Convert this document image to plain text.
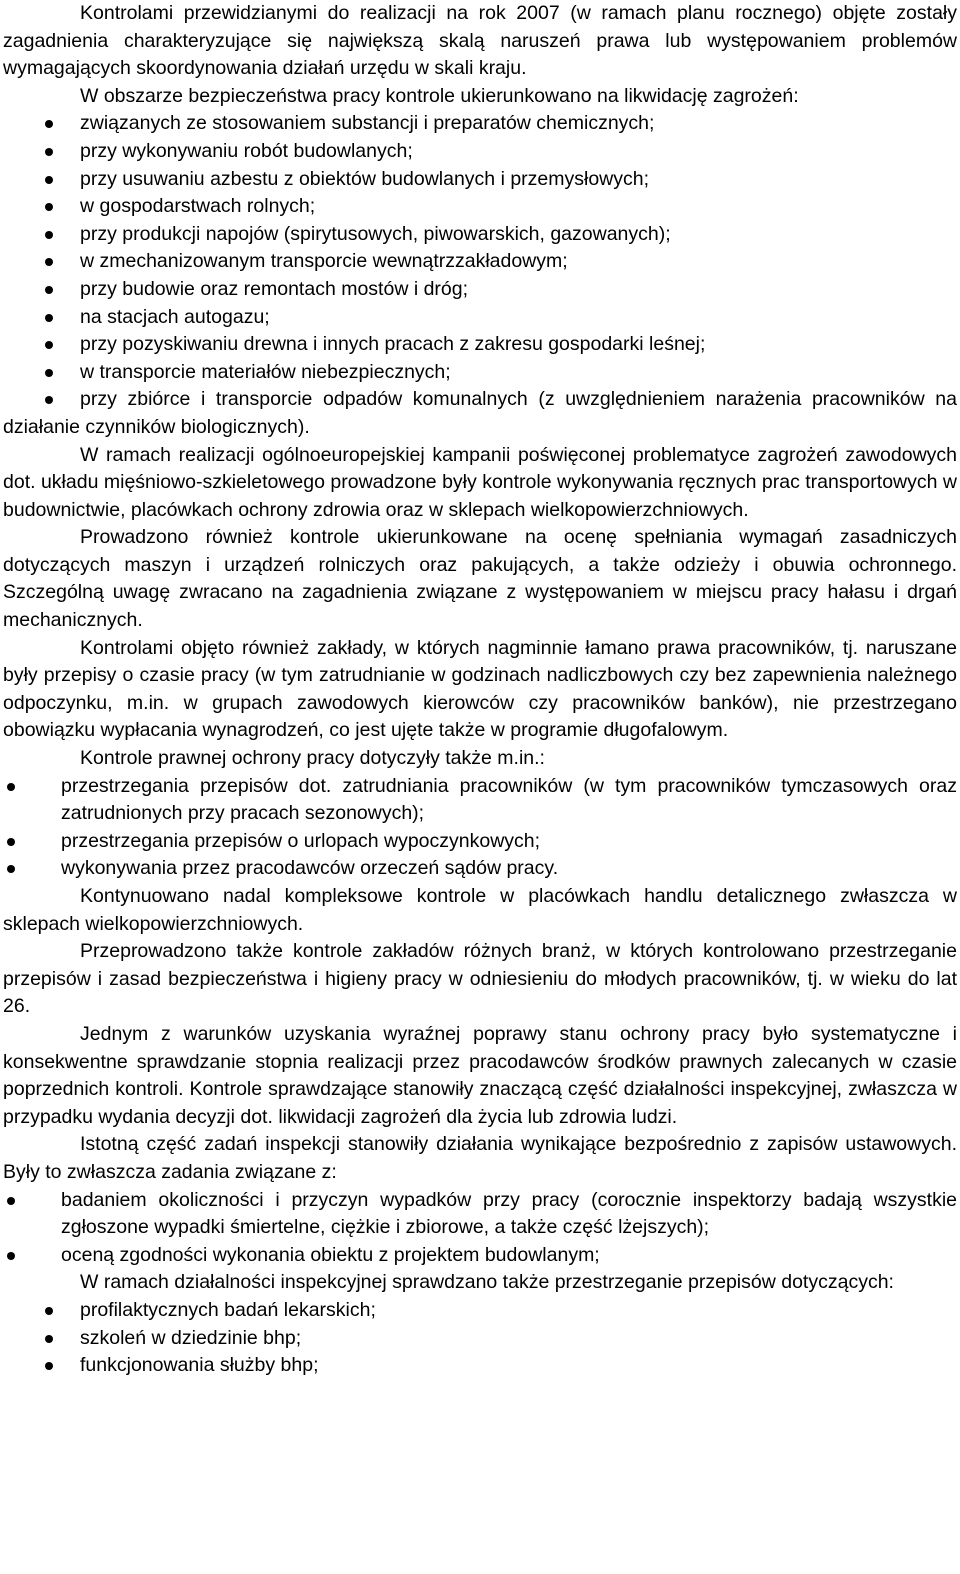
Kontrolami przewidzianymi do realizacji na rok 2007 (w ramach planu rocznego) objęte zostały zagadnienia charakteryzujące się największą skalą naruszeń prawa lub występowaniem problemów wymagających skoordynowania działań urzędu w skali kraju.

W obszarze bezpieczeństwa pracy kontrole ukierunkowano na likwidację zagrożeń:

związanych ze stosowaniem substancji i preparatów chemicznych;
przy wykonywaniu robót budowlanych;
przy usuwaniu azbestu z obiektów budowlanych i przemysłowych;
w gospodarstwach rolnych;
przy produkcji napojów (spirytusowych, piwowarskich, gazowanych);
w zmechanizowanym transporcie wewnątrzzakładowym;
przy budowie oraz remontach mostów i dróg;
na stacjach autogazu;
przy pozyskiwaniu drewna i innych pracach z zakresu gospodarki leśnej;
w transporcie materiałów niebezpiecznych;
przy zbiórce i transporcie odpadów komunalnych (z uwzględnieniem narażenia pracowników na działanie czynników biologicznych).

W ramach realizacji ogólnoeuropejskiej kampanii poświęconej problematyce zagrożeń zawodowych dot. układu mięśniowo-szkieletowego prowadzone były kontrole wykonywania ręcznych prac transportowych w budownictwie, placówkach ochrony zdrowia oraz w sklepach wielkopowierzchniowych.

Prowadzono również kontrole ukierunkowane na ocenę spełniania wymagań zasadniczych dotyczących maszyn i urządzeń rolniczych oraz pakujących, a także odzieży i obuwia ochronnego. Szczególną uwagę zwracano na zagadnienia związane z występowaniem w miejscu pracy hałasu i drgań mechanicznych.

Kontrolami objęto również zakłady, w których nagminnie łamano prawa pracowników, tj. naruszane były przepisy o czasie pracy (w tym zatrudnianie w godzinach nadliczbowych czy bez zapewnienia należnego odpoczynku, m.in. w grupach zawodowych kierowców czy pracowników banków), nie przestrzegano obowiązku wypłacania wynagrodzeń, co jest ujęte także w programie długofalowym.

Kontrole prawnej ochrony pracy dotyczyły także m.in.:

przestrzegania przepisów dot. zatrudniania pracowników (w tym pracowników tymczasowych oraz zatrudnionych przy pracach sezonowych);
przestrzegania przepisów o urlopach wypoczynkowych;
wykonywania przez pracodawców orzeczeń sądów pracy.

Kontynuowano nadal kompleksowe kontrole w placówkach handlu detalicznego zwłaszcza w sklepach wielkopowierzchniowych.

Przeprowadzono także kontrole zakładów różnych branż, w których kontrolowano przestrzeganie przepisów i zasad bezpieczeństwa i higieny pracy w odniesieniu do młodych pracowników, tj. w wieku do lat 26.

Jednym z warunków uzyskania wyraźnej poprawy stanu ochrony pracy było systematyczne i konsekwentne sprawdzanie stopnia realizacji przez pracodawców środków prawnych zalecanych w czasie poprzednich kontroli. Kontrole sprawdzające stanowiły znaczącą część działalności inspekcyjnej, zwłaszcza w przypadku wydania decyzji dot. likwidacji zagrożeń dla życia lub zdrowia ludzi.

Istotną część zadań inspekcji stanowiły działania wynikające bezpośrednio z zapisów ustawowych. Były to zwłaszcza zadania związane z:

badaniem okoliczności i przyczyn wypadków przy pracy (corocznie inspektorzy badają wszystkie zgłoszone wypadki śmiertelne, ciężkie i zbiorowe, a także część lżejszych);
oceną zgodności wykonania obiektu z projektem budowlanym;

W ramach działalności inspekcyjnej sprawdzano także przestrzeganie przepisów dotyczących:

profilaktycznych badań lekarskich;
szkoleń w dziedzinie bhp;
funkcjonowania służby bhp;
